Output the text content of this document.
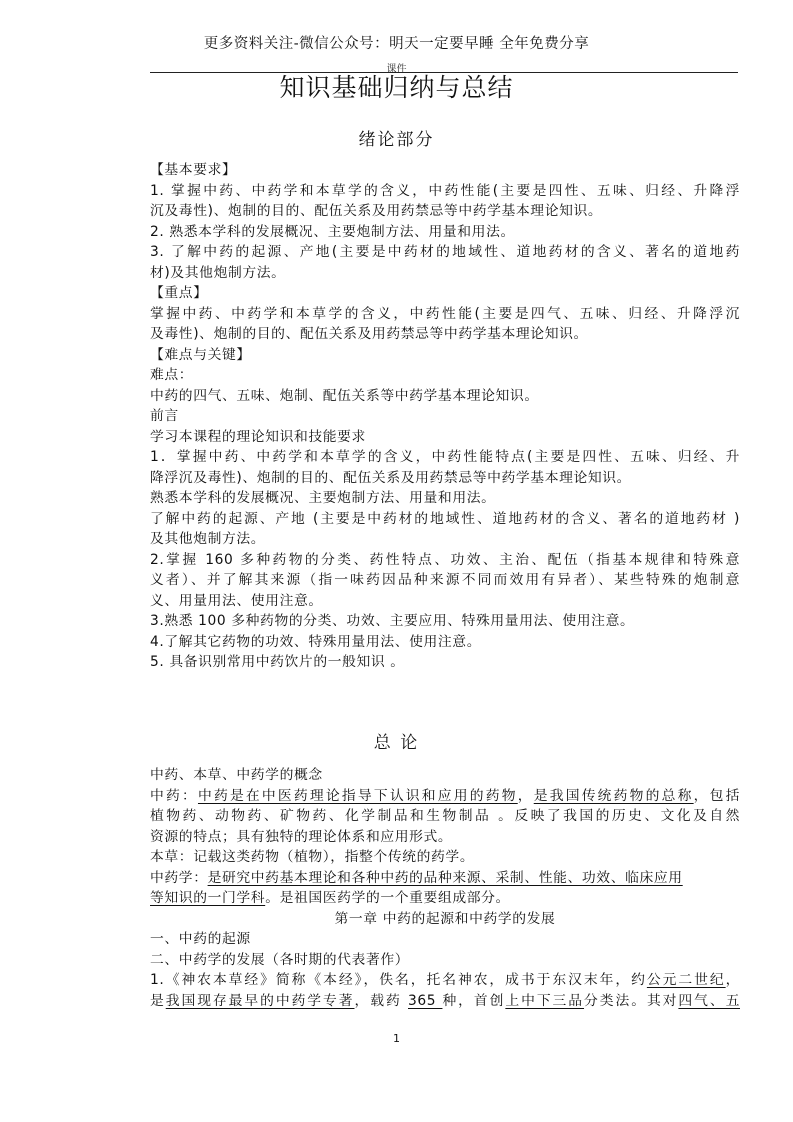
更多资料关注-微信公众号：明天一定要早睡 全年免费分享
课件
知识基础归纳与总结
绪论部分
【基本要求】
1. 掌握中药、中药学和本草学的含义，中药性能(主要是四性、五味、归经、升降浮
沉及毒性)、炮制的目的、配伍关系及用药禁忌等中药学基本理论知识。
2. 熟悉本学科的发展概况、主要炮制方法、用量和用法。
3. 了解中药的起源、产地(主要是中药材的地域性、道地药材的含义、著名的道地药
材)及其他炮制方法。
【重点】
掌握中药、中药学和本草学的含义，中药性能(主要是四气、五味、归经、升降浮沉
及毒性)、炮制的目的、配伍关系及用药禁忌等中药学基本理论知识。
【难点与关键】
难点：
中药的四气、五味、炮制、配伍关系等中药学基本理论知识。
前言
学习本课程的理论知识和技能要求
1．掌握中药、中药学和本草学的含义，中药性能特点(主要是四性、五味、归经、升
降浮沉及毒性)、炮制的目的、配伍关系及用药禁忌等中药学基本理论知识。
熟悉本学科的发展概况、主要炮制方法、用量和用法。
了解中药的起源、产地 (主要是中药材的地域性、道地药材的含义、著名的道地药材 )
及其他炮制方法。
2.掌握 160 多种药物的分类、药性特点、功效、主治、配伍（指基本规律和特殊意
义者）、并了解其来源（指一味药因品种来源不同而效用有异者）、某些特殊的炮制意
义、用量用法、使用注意。
3.熟悉 100 多种药物的分类、功效、主要应用、特殊用量用法、使用注意。
4.了解其它药物的功效、特殊用量用法、使用注意。
5. 具备识别常用中药饮片的一般知识 。
总 论
中药、本草、中药学的概念
中药：中药是在中医药理论指导下认识和应用的药物，是我国传统药物的总称，包括
植物药、动物药、矿物药、化学制品和生物制品 。反映了我国的历史、文化及自然
资源的特点；具有独特的理论体系和应用形式。
本草：记载这类药物（植物），指整个传统的药学。
中药学：是研究中药基本理论和各种中药的品种来源、采制、性能、功效、临床应用
等知识的一门学科。是祖国医药学的一个重要组成部分。
第一章 中药的起源和中药学的发展
一、中药的起源
二、中药学的发展（各时期的代表著作）
1.《神农本草经》简称《本经》，佚名，托名神农，成书于东汉末年，约公元二世纪，
是我国现存最早的中药学专著，载药 365 种，首创上中下三品分类法。其对四气、五
1
